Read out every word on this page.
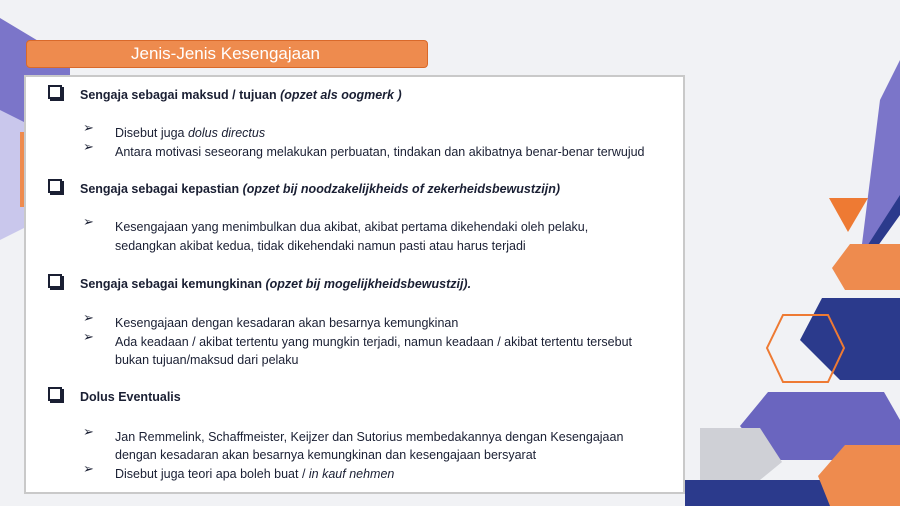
Jenis-Jenis Kesengajaan
Sengaja sebagai maksud / tujuan (opzet als oogmerk )
➢ Disebut juga dolus directus
➢ Antara motivasi seseorang melakukan perbuatan, tindakan dan akibatnya benar-benar terwujud
Sengaja sebagai kepastian (opzet bij noodzakelijkheids of zekerheidsbewustzijn)
➢ Kesengajaan yang menimbulkan dua akibat, akibat pertama dikehendaki oleh pelaku,
sedangkan akibat kedua, tidak dikehendaki namun pasti atau harus terjadi
Sengaja sebagai kemungkinan (opzet bij mogelijkheidsbewustzij).
➢ Kesengajaan dengan kesadaran akan besarnya kemungkinan
➢ Ada keadaan / akibat tertentu yang mungkin terjadi, namun keadaan / akibat tertentu tersebut
bukan tujuan/maksud dari pelaku
Dolus Eventualis
➢ Jan Remmelink, Schaffmeister, Keijzer dan Sutorius membedakannya dengan Kesengajaan
dengan kesadaran akan besarnya kemungkinan dan kesengajaan bersyarat
➢ Disebut juga teori apa boleh buat / in kauf nehmen
